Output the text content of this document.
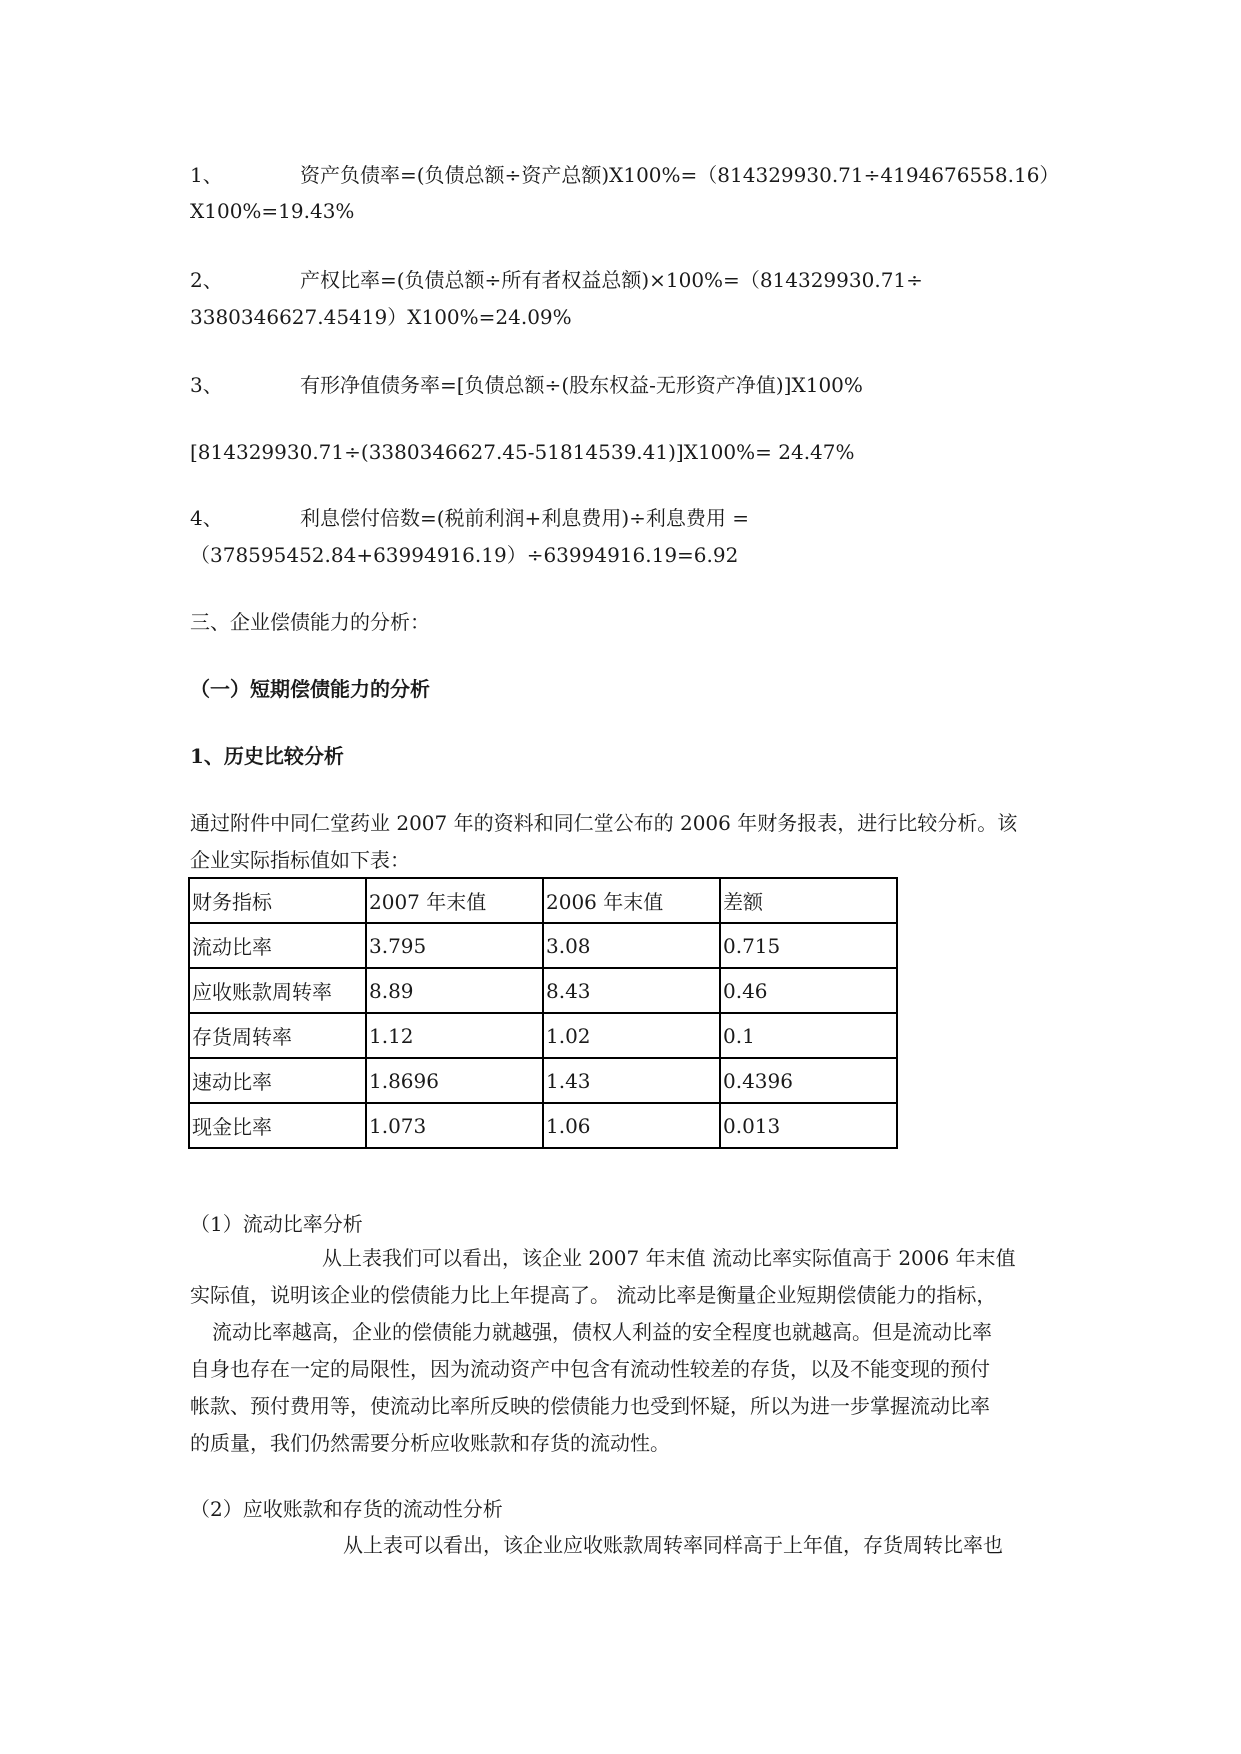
1、	资产负债率=(负债总额÷资产总额)X100%=（814329930.71÷4194676558.16）
X100%=19.43%
2、	产权比率=(负债总额÷所有者权益总额)×100%=（814329930.71÷
3380346627.45419）X100%=24.09%
3、	有形净值债务率=[负债总额÷(股东权益-无形资产净值)]X100%
[814329930.71÷(3380346627.45-51814539.41)]X100%= 24.47%
4、	利息偿付倍数=(税前利润+利息费用)÷利息费用 =
（378595452.84+63994916.19）÷63994916.19=6.92
三、企业偿债能力的分析：
（一）短期偿债能力的分析
1、历史比较分析
通过附件中同仁堂药业 2007 年的资料和同仁堂公布的 2006 年财务报表，进行比较分析。该
企业实际指标值如下表：
财务指标	2007 年末值	2006 年末值	差额
流动比率	3.795	3.08	0.715
应收账款周转率	8.89	8.43	0.46
存货周转率	1.12	1.02	0.1
速动比率	1.8696	1.43	0.4396
现金比率	1.073	1.06	0.013
（1）流动比率分析
从上表我们可以看出，该企业 2007 年末值 流动比率实际值高于 2006 年末值
实际值，说明该企业的偿债能力比上年提高了。 流动比率是衡量企业短期偿债能力的指标，
流动比率越高，企业的偿债能力就越强，债权人利益的安全程度也就越高。但是流动比率
自身也存在一定的局限性，因为流动资产中包含有流动性较差的存货，以及不能变现的预付
帐款、预付费用等，使流动比率所反映的偿债能力也受到怀疑，所以为进一步掌握流动比率
的质量，我们仍然需要分析应收账款和存货的流动性。
（2）应收账款和存货的流动性分析
从上表可以看出，该企业应收账款周转率同样高于上年值，存货周转比率也
